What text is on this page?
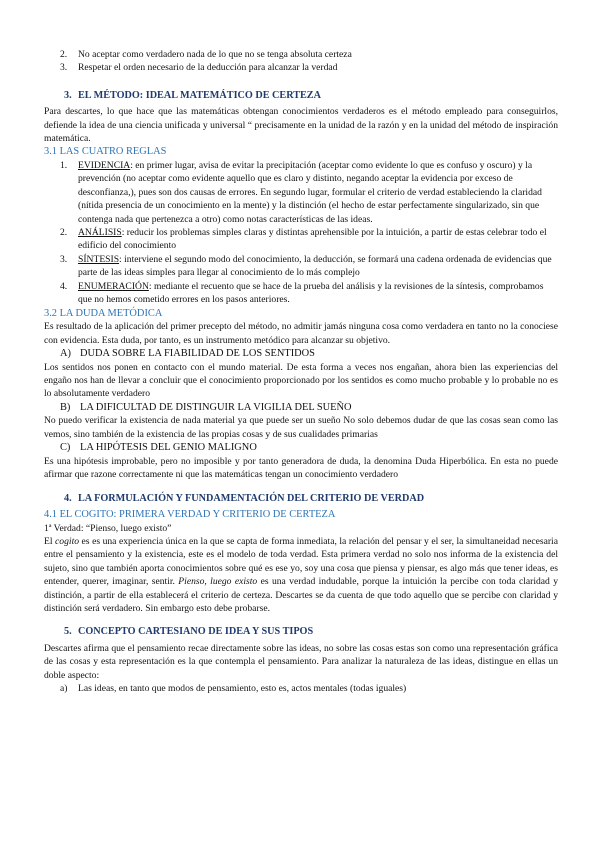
2. No aceptar como verdadero nada de lo que no se tenga absoluta certeza
3. Respetar el orden necesario de la deducción para alcanzar la verdad
3. EL MÉTODO: IDEAL MATEMÁTICO DE CERTEZA

Para descartes, lo que hace que las matemáticas obtengan conocimientos verdaderos es el método empleado para conseguirlos, defiende la idea de una ciencia unificada y universal “ precisamente en la unidad de la razón y en la unidad del método de inspiración matemática.

3.1 LAS CUATRO REGLAS
1. EVIDENCIA: en primer lugar, avisa de evitar la precipitación (aceptar como evidente lo que es confuso y oscuro) y la prevención (no aceptar como evidente aquello que es claro y distinto, negando aceptar la evidencia por exceso de desconfianza,), pues son dos causas de errores. En segundo lugar, formular el criterio de verdad estableciendo la claridad (nítida presencia de un conocimiento en la mente) y la distinción (el hecho de estar perfectamente singularizado, sin que contenga nada que pertenezca a otro) como notas características de las ideas.
2. ANÁLISIS: reducir los problemas simples claras y distintas aprehensible por la intuición, a partir de estas celebrar todo el edificio del conocimiento
3. SÍNTESIS: interviene el segundo modo del conocimiento, la deducción, se formará una cadena ordenada de evidencias que parte de las ideas simples para llegar al conocimiento de lo más complejo
4. ENUMERACIÓN: mediante el recuento que se hace de la prueba del análisis y la revisiones de la síntesis, comprobamos que no hemos cometido errores en los pasos anteriores.
3.2 LA DUDA METÓDICA

Es resultado de la aplicación del primer precepto del método, no admitir jamás ninguna cosa como verdadera en tanto no la conociese con evidencia. Esta duda, por tanto, es un instrumento metódico para alcanzar su objetivo.

A) DUDA SOBRE LA FIABILIDAD DE LOS SENTIDOS

Los sentidos nos ponen en contacto con el mundo material. De esta forma a veces nos engañan, ahora bien las experiencias del engaño nos han de llevar a concluir que el conocimiento proporcionado por los sentidos es como mucho probable y lo probable no es lo absolutamente verdadero

B) LA DIFICULTAD DE DISTINGUIR LA VIGILIA DEL SUEÑO

No puedo verificar la existencia de nada material ya que puede ser un sueño No solo debemos dudar de que las cosas sean como las vemos, sino también de la existencia de las propias cosas y de sus cualidades primarias

C) LA HIPÓTESIS DEL GENIO MALIGNO

Es una hipótesis improbable, pero no imposible y por tanto generadora de duda, la denomina Duda Hiperbólica. En esta no puede afirmar que razone correctamente ni que las matemáticas tengan un conocimiento verdadero

4. LA FORMULACIÓN Y FUNDAMENTACIÓN DEL CRITERIO DE VERDAD
4.1 EL COGITO: PRIMERA VERDAD Y CRITERIO DE CERTEZA

1ª Verdad: “Pienso, luego existo”

El cogito es es una experiencia única en la que se capta de forma inmediata, la relación del pensar y el ser, la simultaneidad necesaria entre el pensamiento y la existencia, este es el modelo de toda verdad. Esta primera verdad no solo nos informa de la existencia del sujeto, sino que también aporta conocimientos sobre qué es ese yo, soy una cosa que piensa y piensar, es algo más que tener ideas, es entender, querer, imaginar, sentir. Pienso, luego existo es una verdad indudable, porque la intuición la percibe con toda claridad y distinción, a partir de ella establecerá el criterio de certeza. Descartes se da cuenta de que todo aquello que se percibe con claridad y distinción será verdadero. Sin embargo esto debe probarse.

5. CONCEPTO CARTESIANO DE IDEA Y SUS TIPOS

Descartes afirma que el pensamiento recae directamente sobre las ideas, no sobre las cosas estas son como una representación gráfica de las cosas y esta representación es la que contempla el pensamiento. Para analizar la naturaleza de las ideas, distingue en ellas un doble aspecto:

a) Las ideas, en tanto que modos de pensamiento, esto es, actos mentales (todas iguales)
